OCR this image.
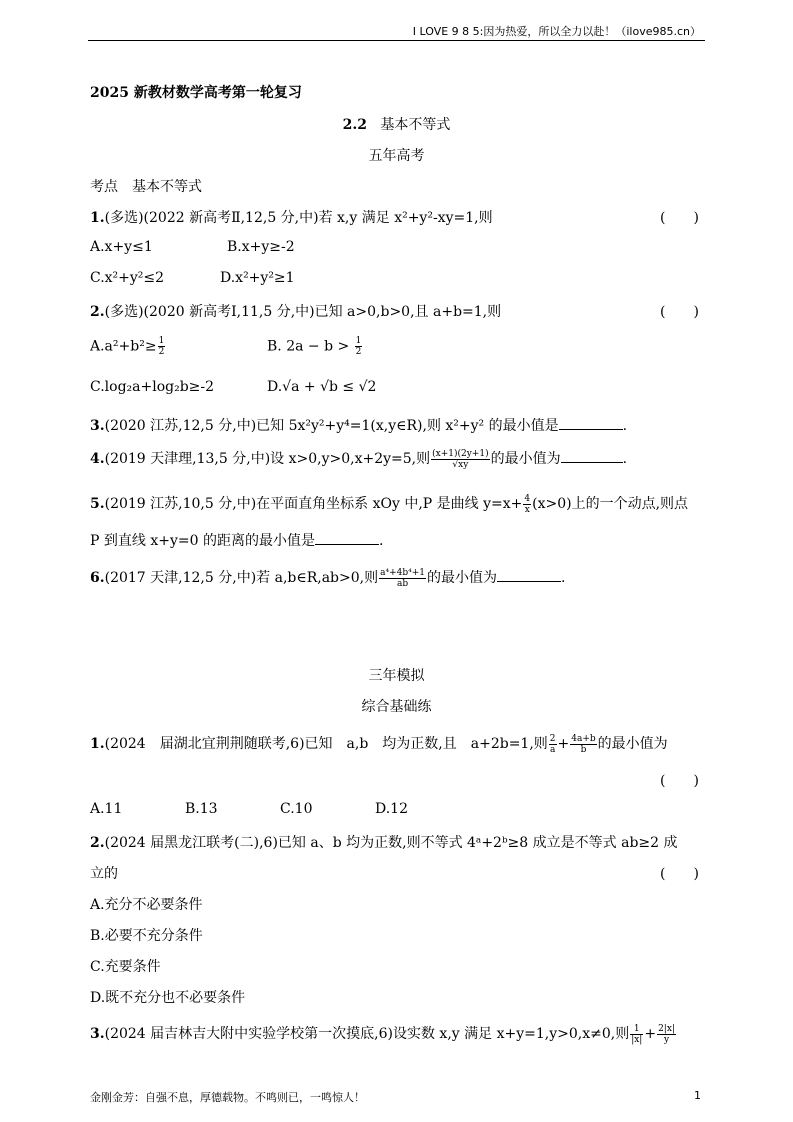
I LOVE 9 8 5:因为热爱，所以全力以赴！（ilove985.cn）
2025 新教材数学高考第一轮复习
2.2 基本不等式
五年高考
考点　基本不等式
1.(多选)(2022 新高考Ⅱ,12,5 分,中)若 x,y 满足 x²+y²-xy=1,则	(　　)
A.x+y≤1	B.x+y≥-2
C.x²+y²≤2	D.x²+y²≥1
2.(多选)(2020 新高考Ⅰ,11,5 分,中)已知 a>0,b>0,且 a+b=1,则	(　　)
$A.a^2+b^2\ge \frac{1}{2}$	B. $2a - b > \frac{1}{2}$
C.log₂a+log₂b≥-2	D.√a + √b ≤ √2
3.(2020 江苏,12,5 分,中)已知 5x²y²+y⁴=1(x,y∈R),则 x²+y² 的最小值是	.
4.(2019 天津理,13,5 分,中)设 x>0,y>0,x+2y=5,则 $\frac{(x+1)(2y+1)}{√xy}$ 的最小值为	.
5.(2019 江苏,10,5 分,中)在平面直角坐标系 xOy 中,P 是曲线 $y=x+ \frac{4}{x} (x>0)$上的一个动点,则点
P 到直线 x+y=0 的距离的最小值是	.
6.(2017 天津,12,5 分,中)若 a,b∈R,ab>0,则 $\frac{\text{a⁴+4b⁴+1}}{ab}$ 的最小值为	.
三年模拟
综合基础练
1.(2024　届湖北宜荆荆随联考,6)已知　a,b　均为正数,且　a+2b=1,则 $\frac{2}{a} + \frac{4a+b}{b}$ 的最小值为
(　　)
A.11	B.13	C.10	D.12
2.(2024 届黑龙江联考(二),6)已知 a、b 均为正数,则不等式 4ᵃ+2ᵇ≥8 成立是不等式 ab≥2 成
立的	(　　)
A.充分不必要条件
B.必要不充分条件
C.充要条件
D.既不充分也不必要条件
3.(2024 届吉林吉大附中实验学校第一次摸底,6)设实数 x,y 满足 x+y=1,y>0,x≠0,则 $\frac{1}{|x|} + \frac{2|x|}{y}$
金刚金芳：自强不息，厚德载物。不鸣则已，一鸣惊人！	1
